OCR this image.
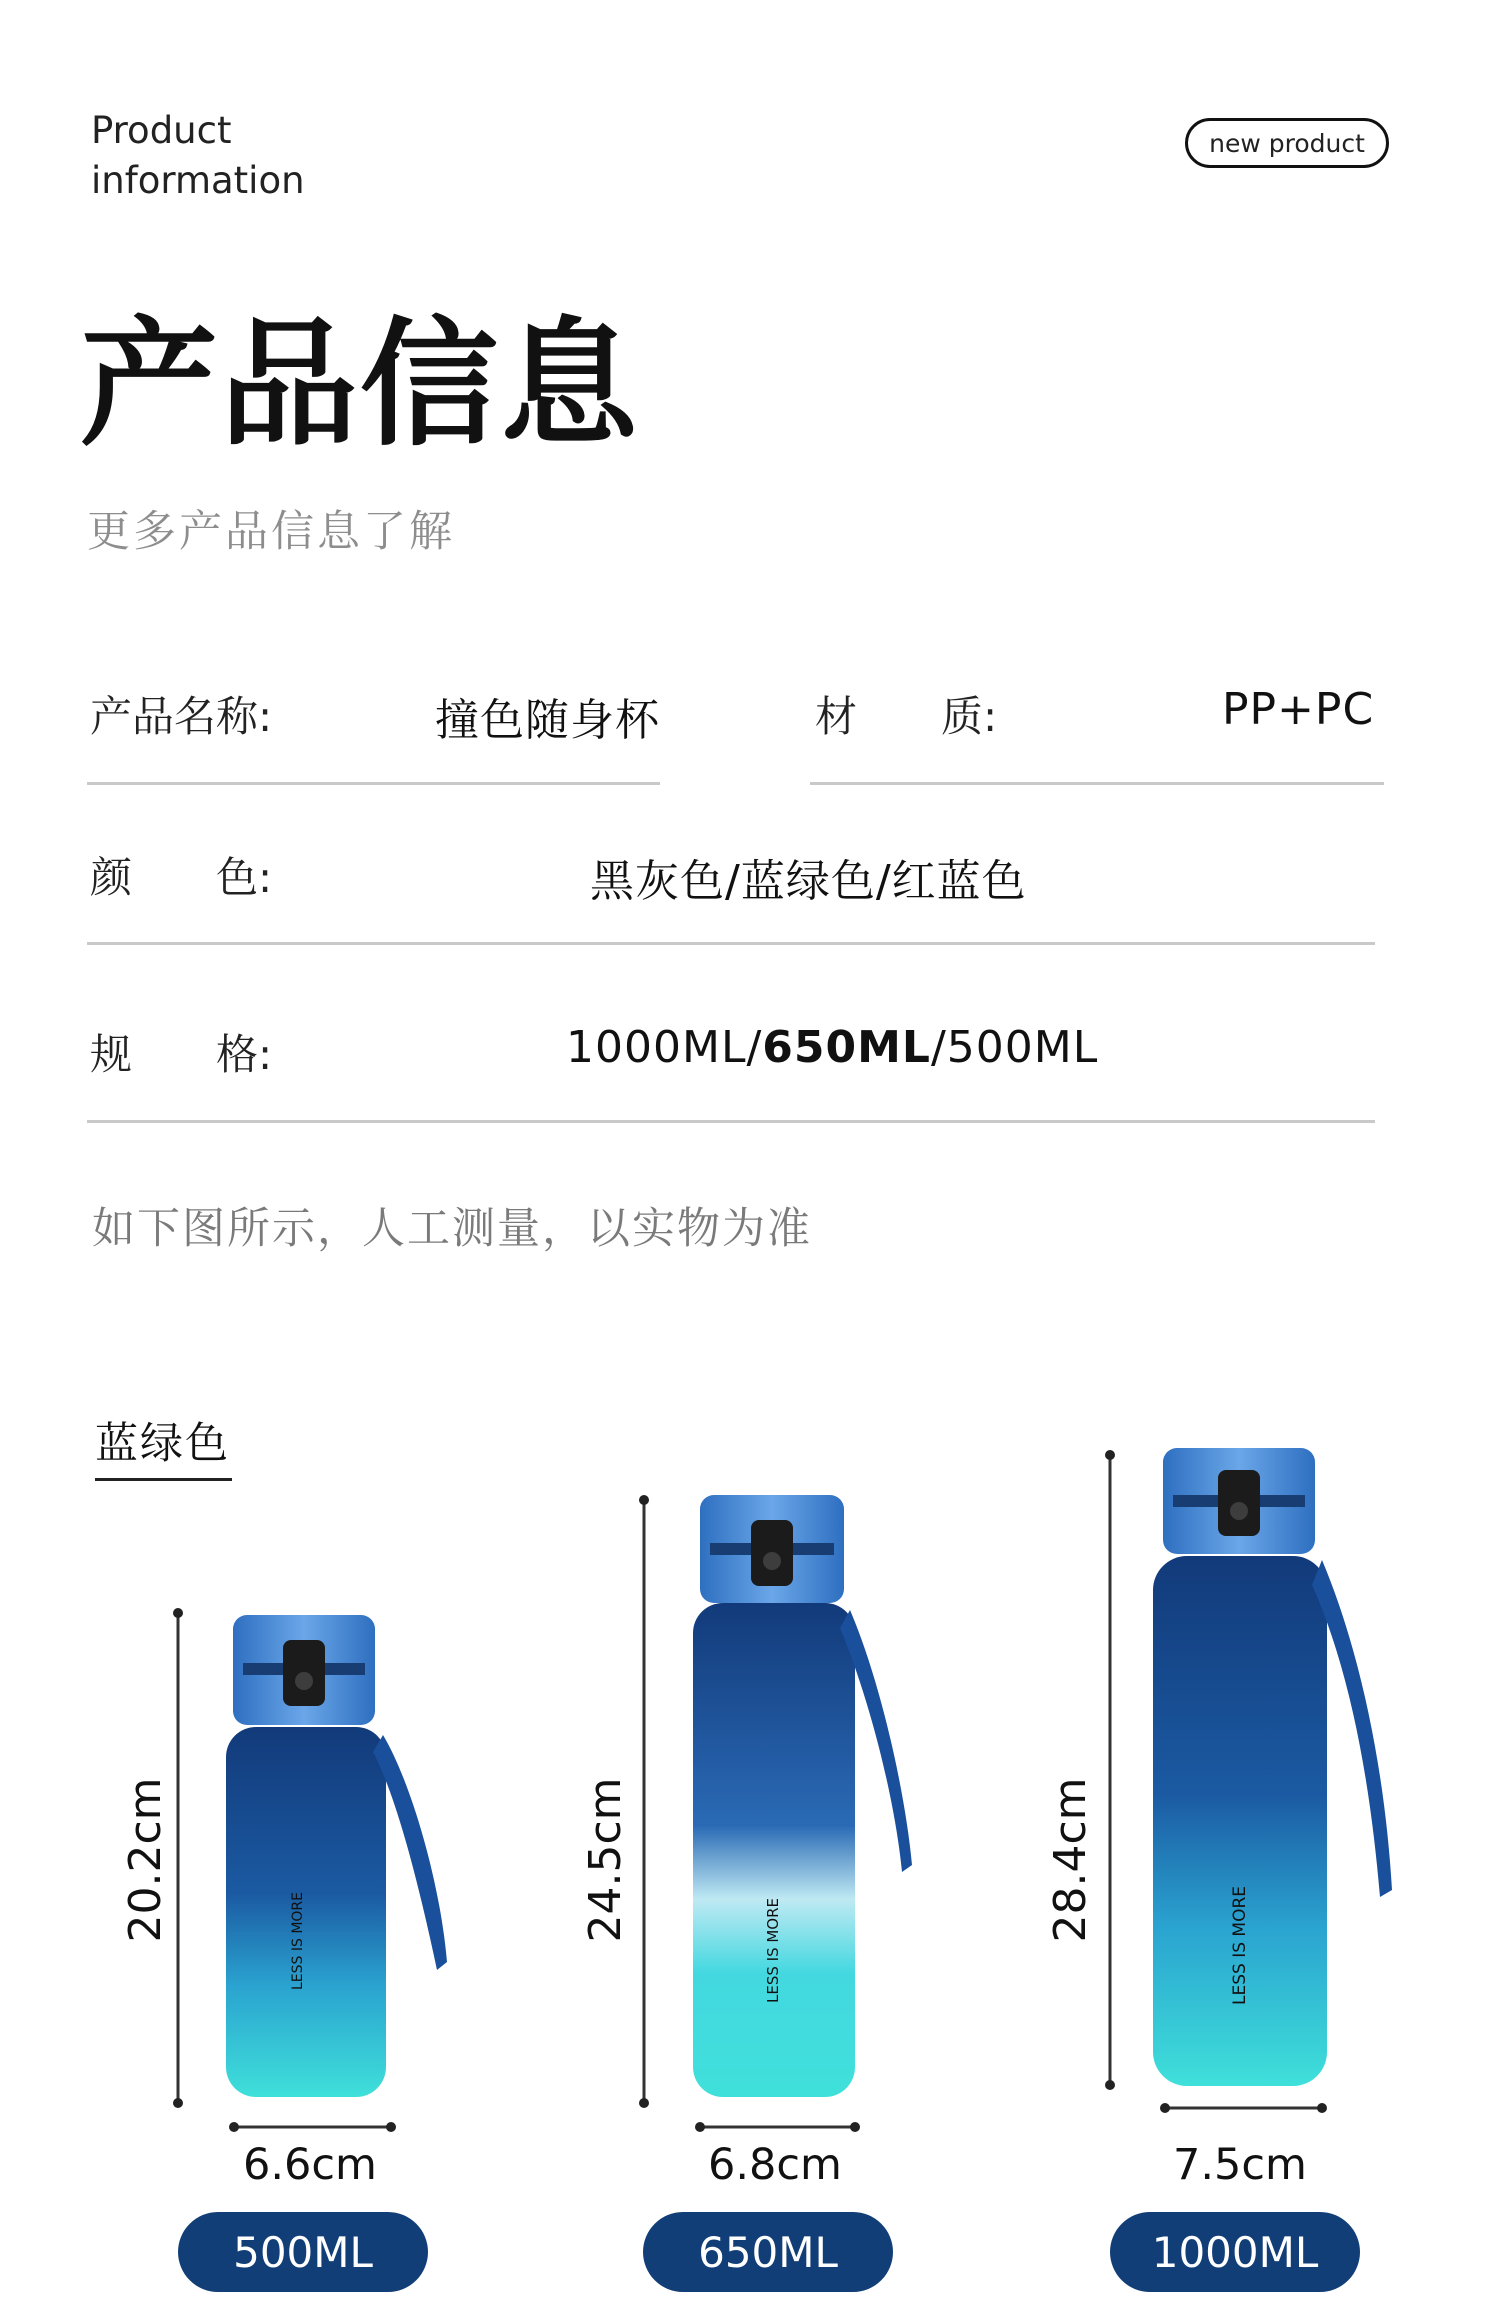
Product
information
new product
产品信息
更多产品信息了解
产品名称:	撞色随身杯	材　　质:	PP+PC
颜　　色:	黑灰色/蓝绿色/红蓝色
规　　格:	1000ML/650ML/500ML
如下图所示，人工测量，以实物为准
蓝绿色
LESS IS MORE
20.2cm
LESS IS MORE
24.5cm
LESS IS MORE
28.4cm
6.6cm	6.8cm	7.5cm
500ML	650ML	1000ML
